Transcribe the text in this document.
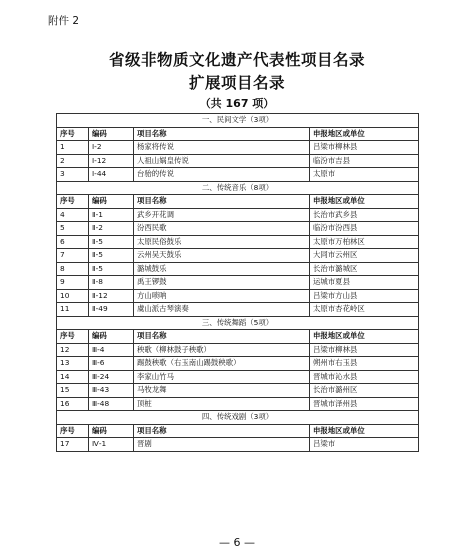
附件 2
省级非物质文化遗产代表性项目名录
扩展项目名录
（共 167 项）
一、民间文学（3项）			
序号	编码	项目名称	申报地区或单位
1	Ⅰ-2	杨家将传说	吕梁市柳林县
2	Ⅰ-12	人祖山娲皇传说	临汾市吉县
3	Ⅰ-44	台骀的传说	太原市
二、传统音乐（8项）			
序号	编码	项目名称	申报地区或单位
4	Ⅱ-1	武乡开花调	长治市武乡县
5	Ⅱ-2	汾西民歌	临汾市汾西县
6	Ⅱ-5	太原民俗鼓乐	太原市万柏林区
7	Ⅱ-5	云州吴天鼓乐	大同市云州区
8	Ⅱ-5	潞城鼓乐	长治市潞城区
9	Ⅱ-8	禹王锣鼓	运城市夏县
10	Ⅱ-12	方山唢呐	吕梁市方山县
11	Ⅱ-49	虞山派古琴演奏	太原市杏花岭区
三、传统舞蹈（5项）			
序号	编码	项目名称	申报地区或单位
12	Ⅲ-4	秧歌（柳林鼓子秧歌）	吕梁市柳林县
13	Ⅲ-6	踢鼓秧歌（右玉南山踢鼓秧歌）	朔州市右玉县
14	Ⅲ-24	李家山竹马	晋城市沁水县
15	Ⅲ-43	马牧龙舞	长治市潞州区
16	Ⅲ-48	顶桩	晋城市泽州县
四、传统戏剧（3项）			
序号	编码	项目名称	申报地区或单位
17	Ⅳ-1	晋剧	吕梁市
— 6 —
